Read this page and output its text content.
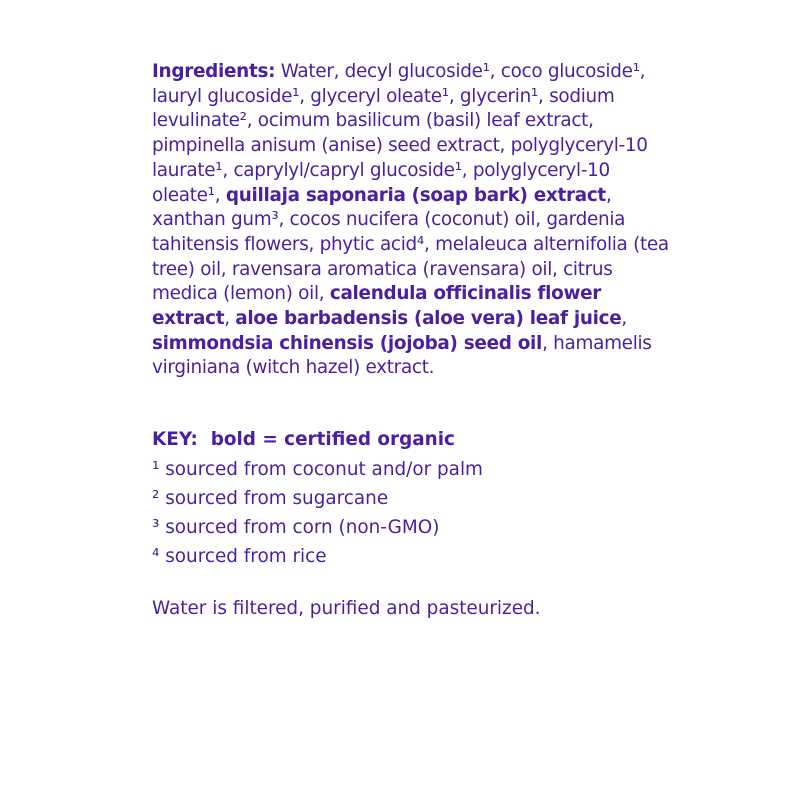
Ingredients: Water, decyl glucoside¹, coco glucoside¹, lauryl glucoside¹, glyceryl oleate¹, glycerin¹, sodium levulinate², ocimum basilicum (basil) leaf extract, pimpinella anisum (anise) seed extract, polyglyceryl-10 laurate¹, caprylyl/capryl glucoside¹, polyglyceryl-10 oleate¹, quillaja saponaria (soap bark) extract, xanthan gum³, cocos nucifera (coconut) oil, gardenia tahitensis flowers, phytic acid⁴, melaleuca alternifolia (tea tree) oil, ravensara aromatica (ravensara) oil, citrus medica (lemon) oil, calendula officinalis flower extract, aloe barbadensis (aloe vera) leaf juice, simmondsia chinensis (jojoba) seed oil, hamamelis virginiana (witch hazel) extract.
KEY:  bold = certified organic
¹ sourced from coconut and/or palm
² sourced from sugarcane
³ sourced from corn (non-GMO)
⁴ sourced from rice
Water is filtered, purified and pasteurized.
